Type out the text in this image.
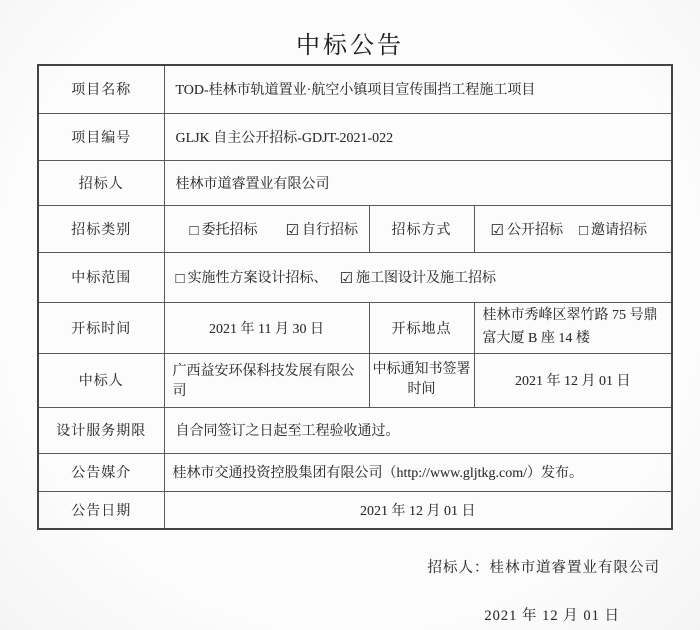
中标公告
项目名称	TOD-桂林市轨道置业·航空小镇项目宣传围挡工程施工项目		
项目编号	GLJK 自主公开招标-GDJT-2021-022		
招标人	桂林市道睿置业有限公司		
招标类别	□ 委托招标 ☑ 自行招标	招标方式	☑ 公开招标 □ 邀请招标
中标范围	□ 实施性方案设计招标、 ☑ 施工图设计及施工招标		
开标时间	2021 年 11 月 30 日	开标地点	桂林市秀峰区翠竹路 75 号鼎富大厦 B 座 14 楼
中标人	广西益安环保科技发展有限公司	中标通知书签署时间	2021 年 12 月 01 日
设计服务期限	自合同签订之日起至工程验收通过。		
公告媒介	桂林市交通投资控股集团有限公司（http://www.gljtkg.com/）发布。		
公告日期	2021 年 12 月 01 日		
招标人：桂林市道睿置业有限公司
2021 年 12 月 01 日
